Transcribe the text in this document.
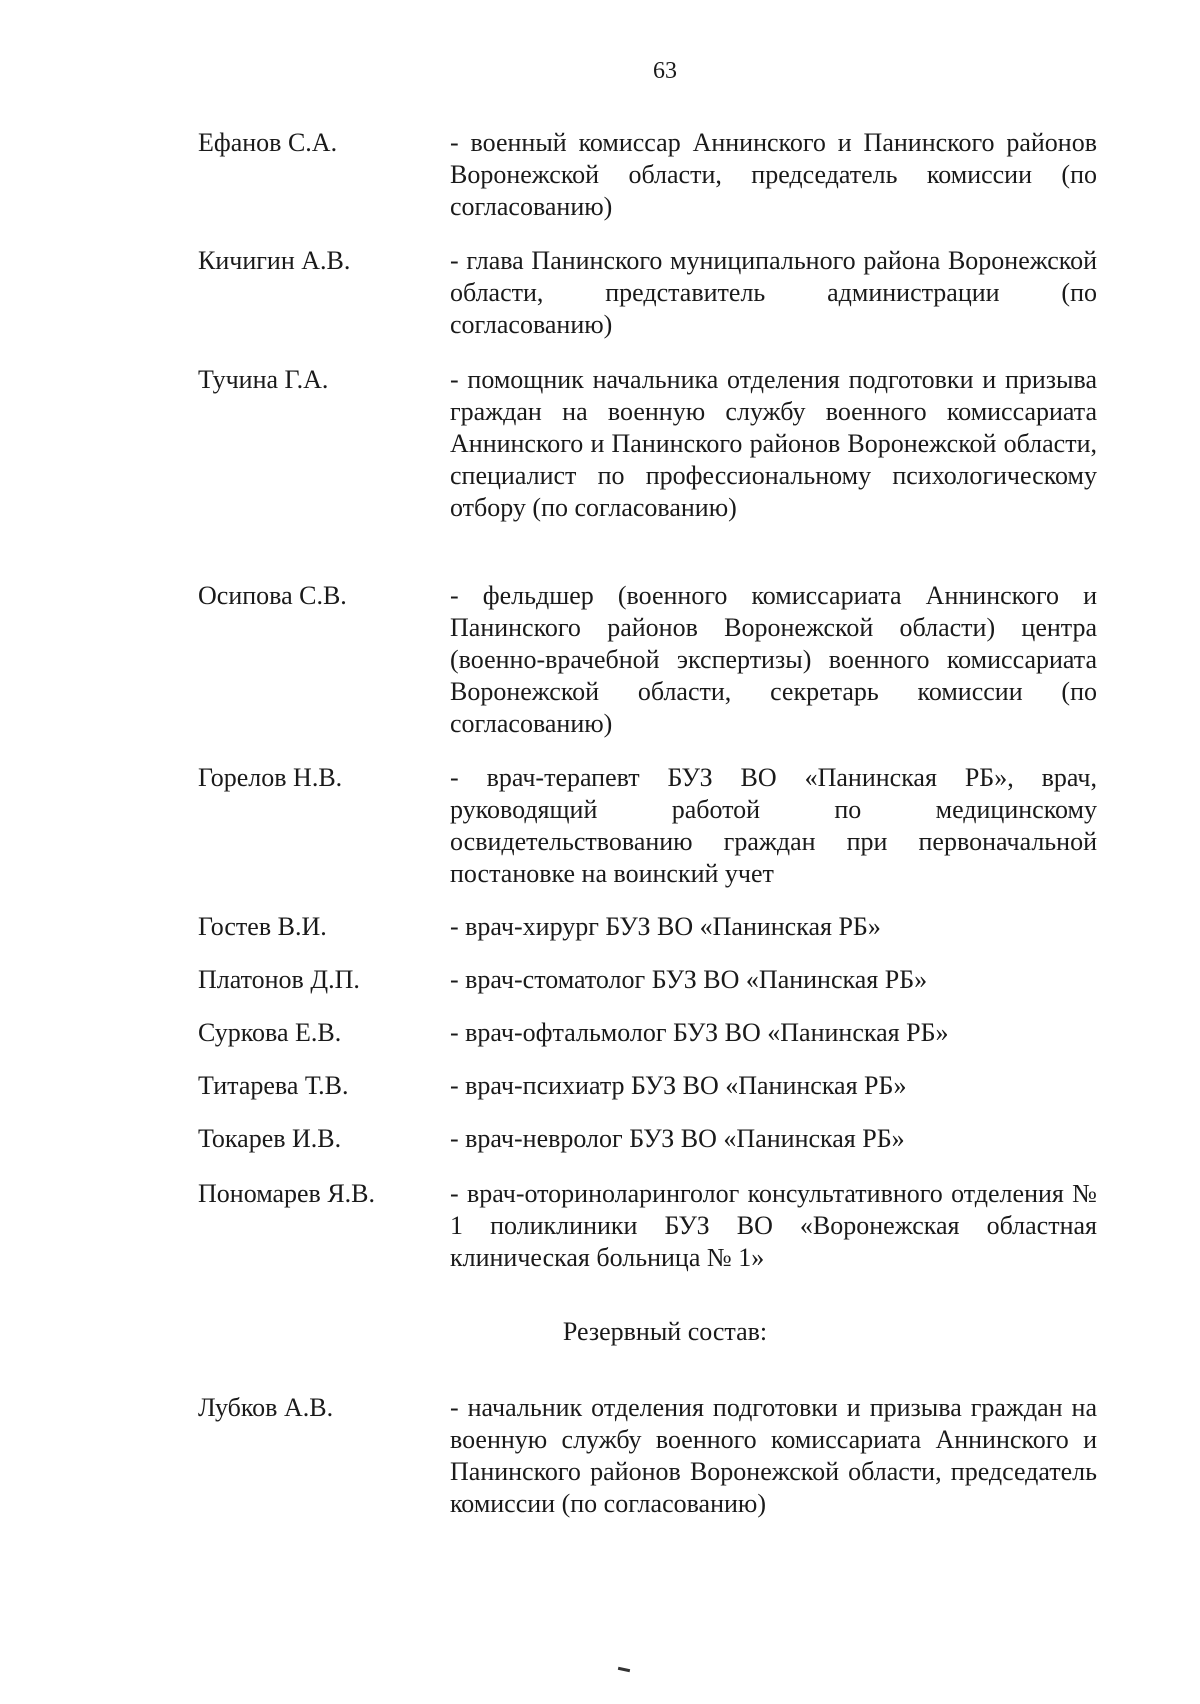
63
Ефанов С.А.	- военный комиссар Аннинского и Панинского районов Воронежской области, председатель комиссии (по согласованию)
Кичигин А.В.	- глава Панинского муниципального района Воронежской области, представитель администрации (по согласованию)
Тучина Г.А.	- помощник начальника отделения подготовки и призыва граждан на военную службу военного комиссариата Аннинского и Панинского районов Воронежской области, специалист по профессиональному психологическому отбору (по согласованию)
Осипова С.В.	- фельдшер (военного комиссариата Аннинского и Панинского районов Воронежской области) центра (военно-врачебной экспертизы) военного комиссариата Воронежской области, секретарь комиссии (по согласованию)
Горелов Н.В.	- врач-терапевт БУЗ ВО «Панинская РБ», врач, руководящий работой по медицинскому освидетельствованию граждан при первоначальной постановке на воинский учет
Гостев В.И.	- врач-хирург БУЗ ВО «Панинская РБ»
Платонов Д.П.	- врач-стоматолог БУЗ ВО «Панинская РБ»
Суркова Е.В.	- врач-офтальмолог БУЗ ВО «Панинская РБ»
Титарева Т.В.	- врач-психиатр БУЗ ВО «Панинская РБ»
Токарев И.В.	- врач-невролог БУЗ ВО «Панинская РБ»
Пономарев Я.В.	- врач-оториноларинголог консультативного отделения № 1 поликлиники БУЗ ВО «Воронежская областная клиническая больница № 1»
Резервный состав:
Лубков А.В.	- начальник отделения подготовки и призыва граждан на военную службу военного комиссариата Аннинского и Панинского районов Воронежской области, председатель комиссии (по согласованию)
